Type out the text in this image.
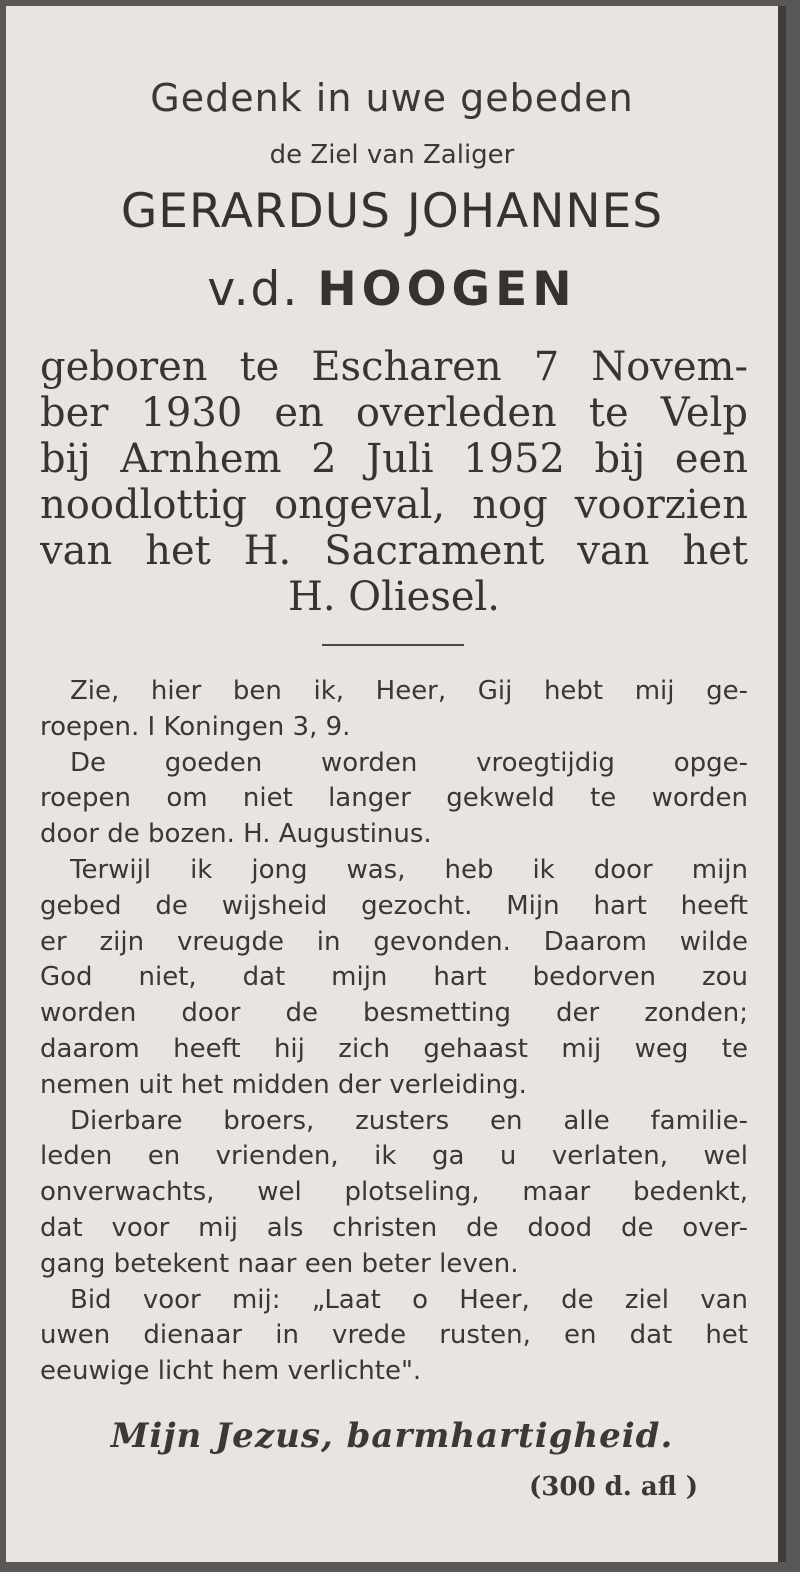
Gedenk in uwe gebeden
de Ziel van Zaliger
GERARDUS JOHANNES
v.d. HOOGEN
geboren te Escharen 7 Novem-
ber 1930 en overleden te Velp
bij Arnhem 2 Juli 1952 bij een
noodlottig ongeval, nog voorzien
van het H. Sacrament van het
H. Oliesel.
Zie, hier ben ik, Heer, Gij hebt mij ge-
roepen. I Koningen 3, 9.
De goeden worden vroegtijdig opge-
roepen om niet langer gekweld te worden
door de bozen. H. Augustinus.
Terwijl ik jong was, heb ik door mijn
gebed de wijsheid gezocht. Mijn hart heeft
er zijn vreugde in gevonden. Daarom wilde
God niet, dat mijn hart bedorven zou
worden door de besmetting der zonden;
daarom heeft hij zich gehaast mij weg te
nemen uit het midden der verleiding.
Dierbare broers, zusters en alle familie-
leden en vrienden, ik ga u verlaten, wel
onverwachts, wel plotseling, maar bedenkt,
dat voor mij als christen de dood de over-
gang betekent naar een beter leven.
Bid voor mij: „Laat o Heer, de ziel van
uwen dienaar in vrede rusten, en dat het
eeuwige licht hem verlichte".
Mijn Jezus, barmhartigheid.
(300 d. afl )
